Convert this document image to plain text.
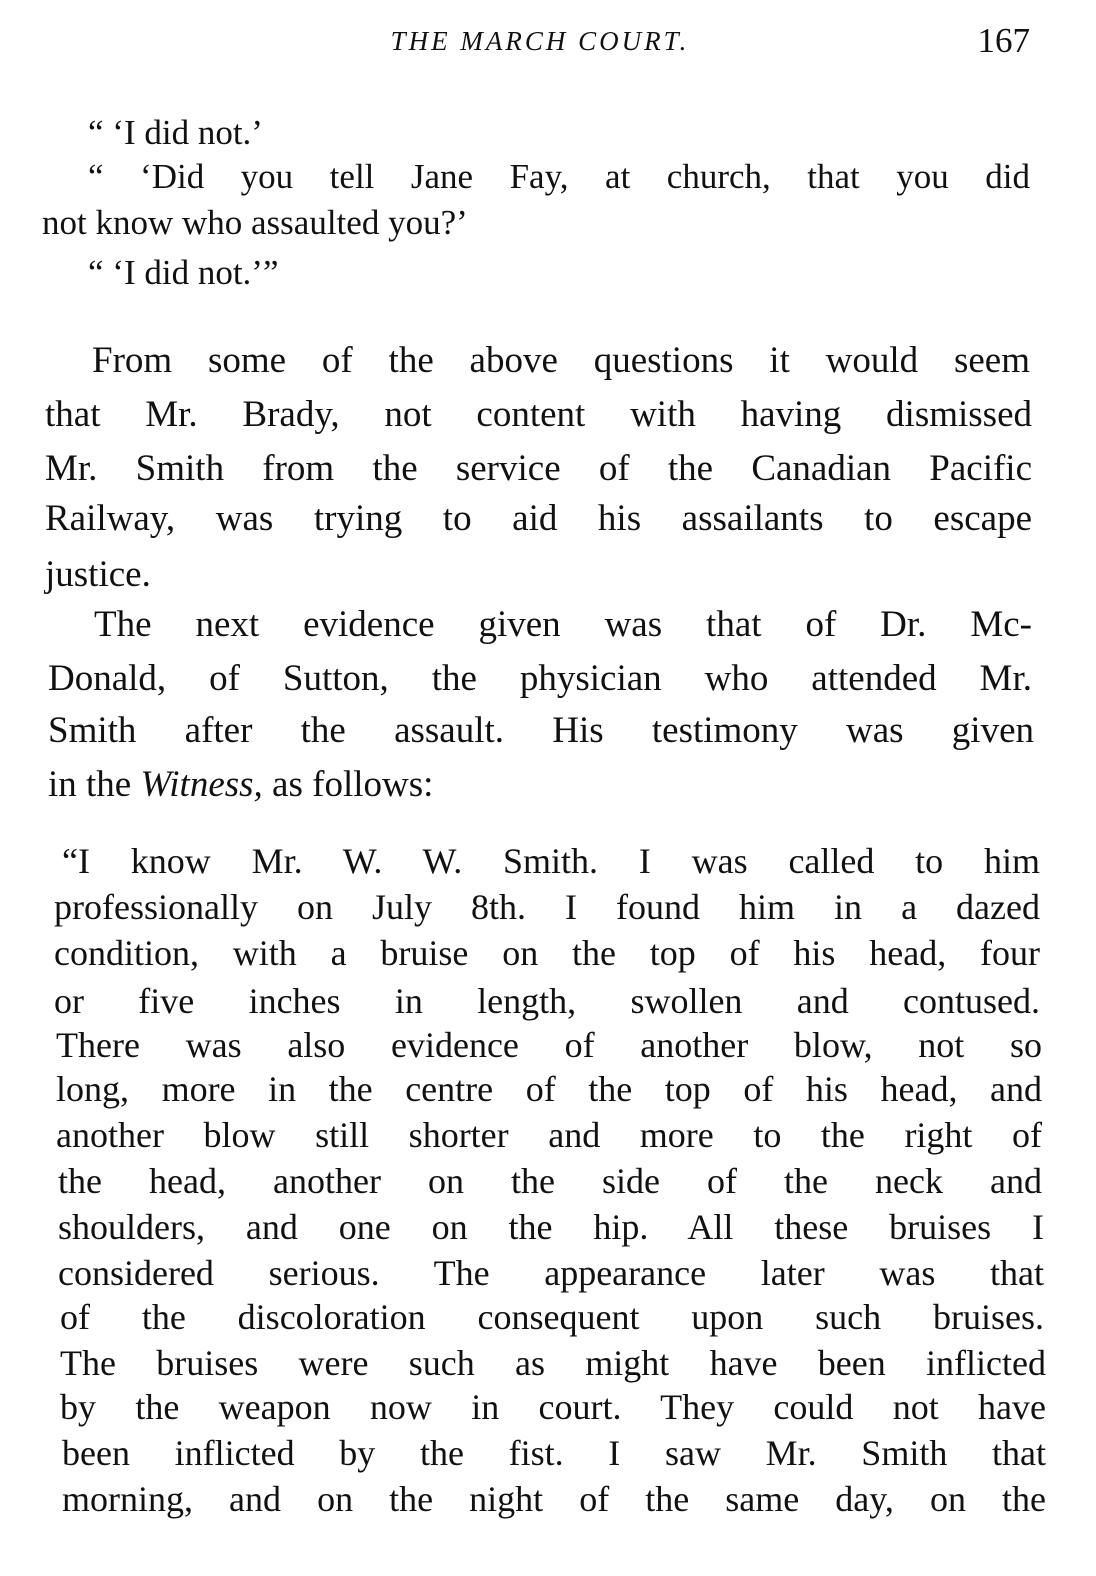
THE MARCH COURT.	167
“ ‘I did not.’
“ ‘Did you tell Jane Fay, at church, that you did
not know who assaulted you?’
“ ‘I did not.’”
From some of the above questions it would seem
that Mr. Brady, not content with having dismissed
Mr. Smith from the service of the Canadian Pacific
Railway, was trying to aid his assailants to escape
justice.
The next evidence given was that of Dr. Mc-
Donald, of Sutton, the physician who attended Mr.
Smith after the assault. His testimony was given
in the Witness, as follows:
“I know Mr. W. W. Smith. I was called to him
professionally on July 8th. I found him in a dazed
condition, with a bruise on the top of his head, four
or five inches in length, swollen and contused.
There was also evidence of another blow, not so
long, more in the centre of the top of his head, and
another blow still shorter and more to the right of
the head, another on the side of the neck and
shoulders, and one on the hip. All these bruises I
considered serious. The appearance later was that
of the discoloration consequent upon such bruises.
The bruises were such as might have been inflicted
by the weapon now in court. They could not have
been inflicted by the fist. I saw Mr. Smith that
morning, and on the night of the same day, on the
